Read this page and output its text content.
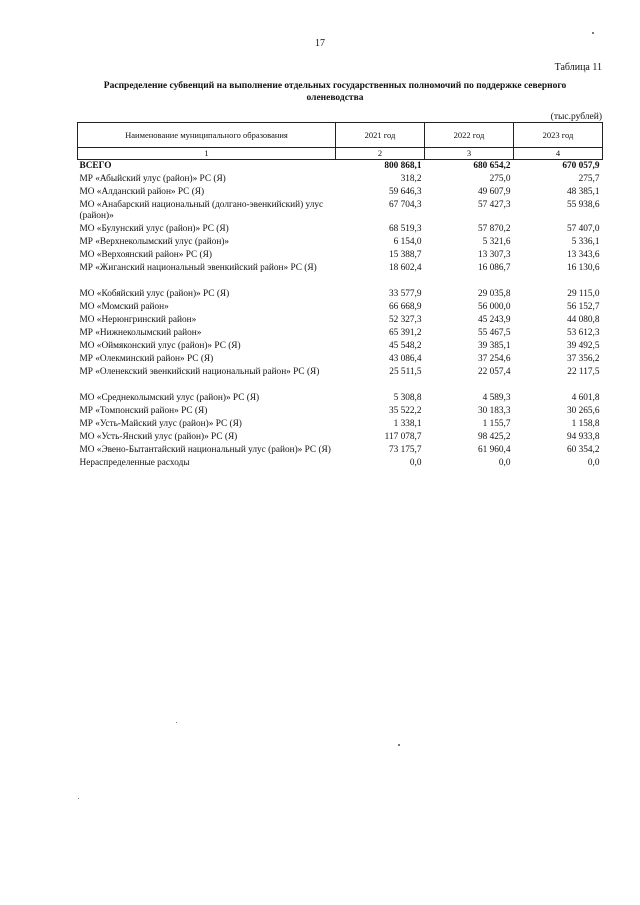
17
Таблица 11
Распределение субвенций на выполнение отдельных государственных полномочий по поддержке северного оленеводства
(тыс.рублей)
Наименование муниципального образования	2021 год	2022 год	2023 год
1	2	3	4
ВСЕГО	800 868,1	680 654,2	670 057,9
МР «Абыйский улус (район)» РС (Я)	318,2	275,0	275,7
МО «Алданский район» РС (Я)	59 646,3	49 607,9	48 385,1
МО «Анабарский национальный (долгано-эвенкийский) улус (район)»	67 704,3	57 427,3	55 938,6
МО «Булунский улус (район)» РС (Я)	68 519,3	57 870,2	57 407,0
МР «Верхнеколымский улус (район)»	6 154,0	5 321,6	5 336,1
МО «Верхоянский район» РС (Я)	15 388,7	13 307,3	13 343,6
МР «Жиганский национальный эвенкийский район» РС (Я)	18 602,4	16 086,7	16 130,6

МО «Кобяйский улус (район)» РС (Я)	33 577,9	29 035,8	29 115,0
МО «Момский район»	66 668,9	56 000,0	56 152,7
МО «Нерюнгринский район»	52 327,3	45 243,9	44 080,8
МР «Нижнеколымский район»	65 391,2	55 467,5	53 612,3
МО «Оймяконский улус (район)» РС (Я)	45 548,2	39 385,1	39 492,5
МР «Олекминский район» РС (Я)	43 086,4	37 254,6	37 356,2
МР «Оленекский эвенкийский национальный район» РС (Я)	25 511,5	22 057,4	22 117,5

МО «Среднеколымский улус (район)» РС (Я)	5 308,8	4 589,3	4 601,8
МР «Томпонский район» РС (Я)	35 522,2	30 183,3	30 265,6
МР «Усть-Майский улус (район)» РС (Я)	1 338,1	1 155,7	1 158,8
МО «Усть-Янский улус (район)» РС (Я)	117 078,7	98 425,2	94 933,8
МО «Эвено-Бытантайский национальный улус (район)» РС (Я)	73 175,7	61 960,4	60 354,2
Нераспределенные расходы	0,0	0,0	0,0
